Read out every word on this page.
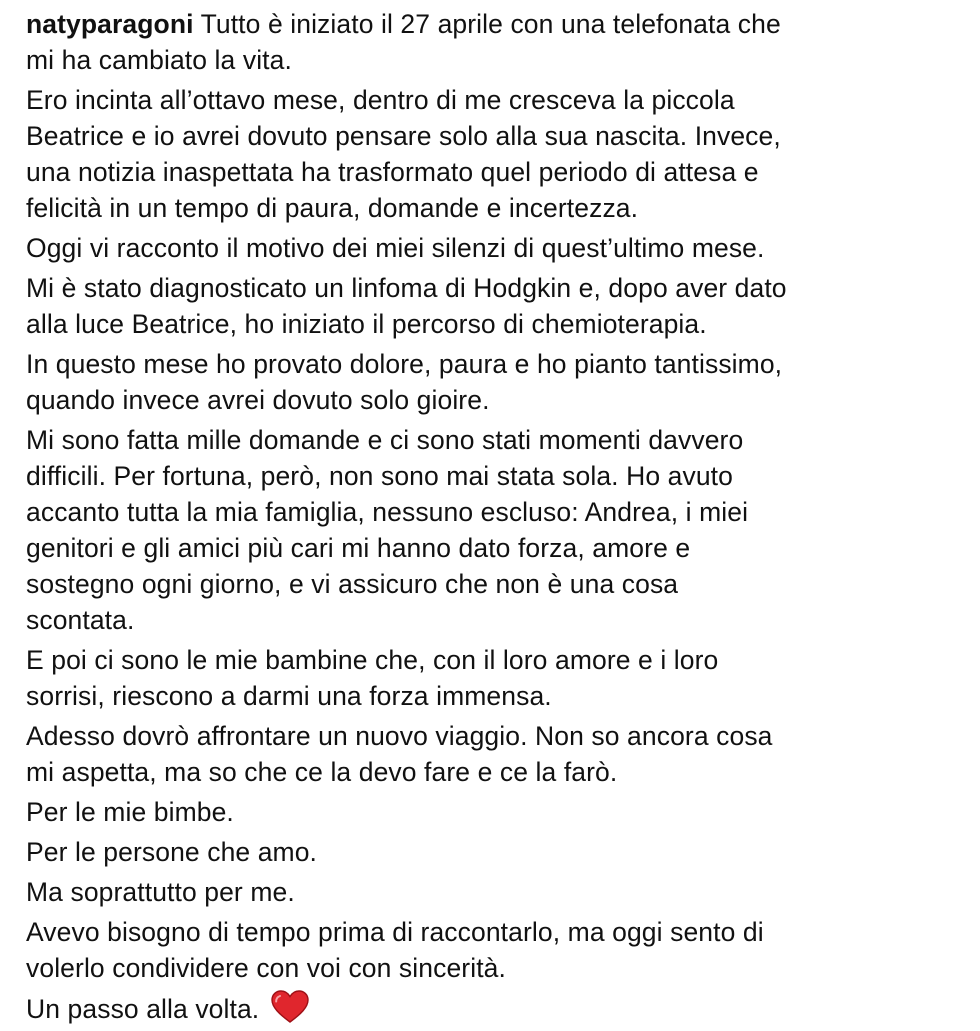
natyparagoni Tutto è iniziato il 27 aprile con una telefonata che
mi ha cambiato la vita.

Ero incinta all’ottavo mese, dentro di me cresceva la piccola
Beatrice e io avrei dovuto pensare solo alla sua nascita. Invece,
una notizia inaspettata ha trasformato quel periodo di attesa e
felicità in un tempo di paura, domande e incertezza.

Oggi vi racconto il motivo dei miei silenzi di quest’ultimo mese.

Mi è stato diagnosticato un linfoma di Hodgkin e, dopo aver dato
alla luce Beatrice, ho iniziato il percorso di chemioterapia.

In questo mese ho provato dolore, paura e ho pianto tantissimo,
quando invece avrei dovuto solo gioire.

Mi sono fatta mille domande e ci sono stati momenti davvero
difficili. Per fortuna, però, non sono mai stata sola. Ho avuto
accanto tutta la mia famiglia, nessuno escluso: Andrea, i miei
genitori e gli amici più cari mi hanno dato forza, amore e
sostegno ogni giorno, e vi assicuro che non è una cosa
scontata.

E poi ci sono le mie bambine che, con il loro amore e i loro
sorrisi, riescono a darmi una forza immensa.

Adesso dovrò affrontare un nuovo viaggio. Non so ancora cosa
mi aspetta, ma so che ce la devo fare e ce la farò.

Per le mie bimbe.

Per le persone che amo.

Ma soprattutto per me.

Avevo bisogno di tempo prima di raccontarlo, ma oggi sento di
volerlo condividere con voi con sincerità.

Un passo alla volta.
